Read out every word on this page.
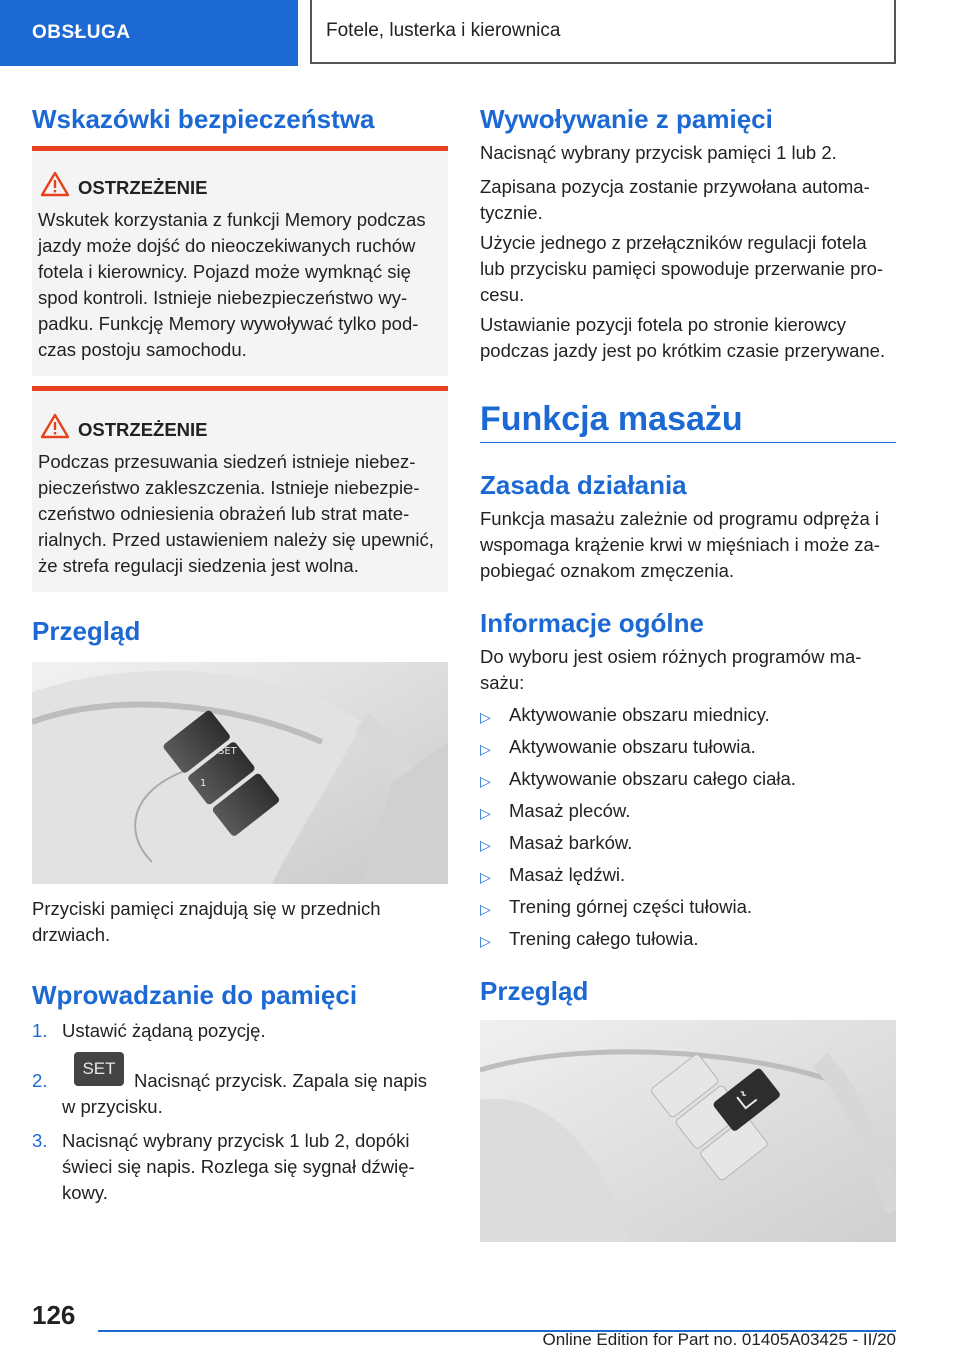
OBSŁUGA	Fotele, lusterka i kierownica
Wskazówki bezpieczeństwa
OSTRZEŻENIE
Wskutek korzystania z funkcji Memory podczas
jazdy może dojść do nieoczekiwanych ruchów
fotela i kierownicy. Pojazd może wymknąć się
spod kontroli. Istnieje niebezpieczeństwo wy-
padku. Funkcję Memory wywoływać tylko pod-
czas postoju samochodu.
OSTRZEŻENIE
Podczas przesuwania siedzeń istnieje niebez-
pieczeństwo zakleszczenia. Istnieje niebezpie-
czeństwo odniesienia obrażeń lub strat mate-
rialnych. Przed ustawieniem należy się upewnić,
że strefa regulacji siedzenia jest wolna.
Przegląd
SET
1
2
Przyciski pamięci znajdują się w przednich
drzwiach.
Wprowadzanie do pamięci
1. Ustawić żądaną pozycję.
2.
SET
Nacisnąć przycisk. Zapala się napis
w przycisku.
3. Nacisnąć wybrany przycisk 1 lub 2, dopóki
świeci się napis. Rozlega się sygnał dźwię-
kowy.
Wywoływanie z pamięci
Nacisnąć wybrany przycisk pamięci 1 lub 2.
Zapisana pozycja zostanie przywołana automa-
tycznie.
Użycie jednego z przełączników regulacji fotela
lub przycisku pamięci spowoduje przerwanie pro-
cesu.
Ustawianie pozycji fotela po stronie kierowcy
podczas jazdy jest po krótkim czasie przerywane.
Funkcja masażu
Zasada działania
Funkcja masażu zależnie od programu odpręża i
wspomaga krążenie krwi w mięśniach i może za-
pobiegać oznakom zmęczenia.
Informacje ogólne
Do wyboru jest osiem różnych programów ma-
sażu:
▷ Aktywowanie obszaru miednicy.
▷ Aktywowanie obszaru tułowia.
▷ Aktywowanie obszaru całego ciała.
▷ Masaż pleców.
▷ Masaż barków.
▷ Masaż lędźwi.
▷ Trening górnej części tułowia.
▷ Trening całego tułowia.
Przegląd
126
Online Edition for Part no. 01405A03425 - II/20
